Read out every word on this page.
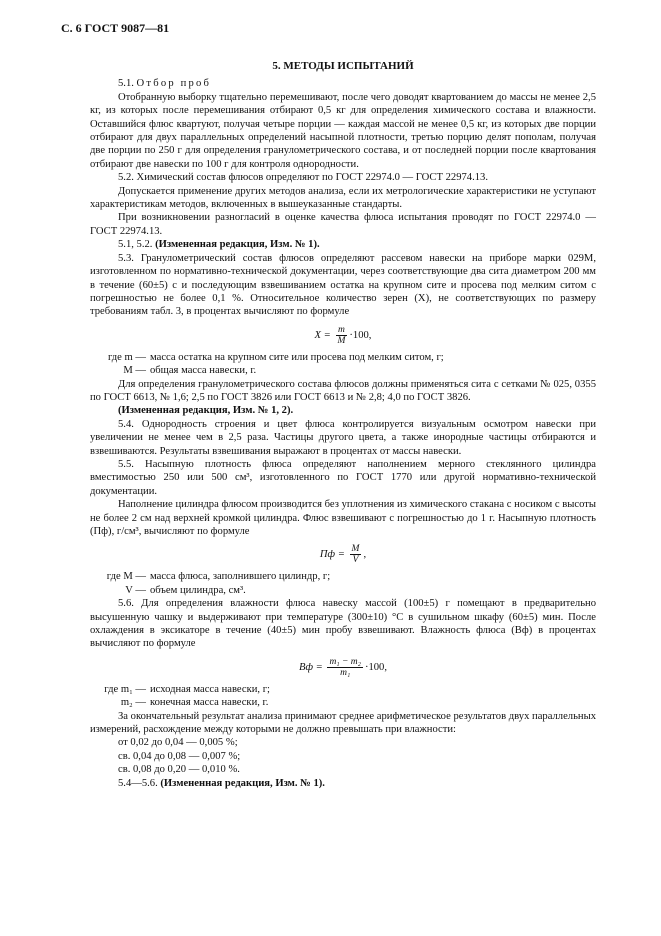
С. 6 ГОСТ 9087—81
5. МЕТОДЫ ИСПЫТАНИЙ

5.1. Отбор проб

Отобранную выборку тщательно перемешивают, после чего доводят квартованием до массы не менее 2,5 кг, из которых после перемешивания отбирают 0,5 кг для определения химического состава и влажности. Оставшийся флюс квартуют, получая четыре порции — каждая массой не менее 0,5 кг, из которых две порции отбирают для двух параллельных определений насыпной плотности, третью порцию делят пополам, получая две порции по 250 г для определения гранулометрического состава, и от последней порции после квартования отбирают две навески по 100 г для контроля однородности.

5.2. Химический состав флюсов определяют по ГОСТ 22974.0 — ГОСТ 22974.13.

Допускается применение других методов анализа, если их метрологические характеристики не уступают характеристикам методов, включенных в вышеуказанные стандарты.

При возникновении разногласий в оценке качества флюса испытания проводят по ГОСТ 22974.0 — ГОСТ 22974.13.

5.1, 5.2. (Измененная редакция, Изм. № 1).

5.3. Гранулометрический состав флюсов определяют рассевом навески на приборе марки 029М, изготовленном по нормативно-технической документации, через соответствующие два сита диаметром 200 мм в течение (60±5) с и последующим взвешиванием остатка на крупном сите и просева под мелким ситом с погрешностью не более 0,1 %. Относительное количество зерен (X), не соответствующих по размеру требованиям табл. 3, в процентах вычисляют по формуле

$X = \frac{m}{M} \cdot 100$,
где m — масса остатка на крупном сите или просева под мелким ситом, г;
M — общая масса навески, г.

Для определения гранулометрического состава флюсов должны применяться сита с сетками № 025, 0355 по ГОСТ 6613, № 1,6; 2,5 по ГОСТ 3826 или ГОСТ 6613 и № 2,8; 4,0 по ГОСТ 3826.

(Измененная редакция, Изм. № 1, 2).

5.4. Однородность строения и цвет флюса контролируется визуальным осмотром навески при увеличении не менее чем в 2,5 раза. Частицы другого цвета, а также инородные частицы отбираются и взвешиваются. Результаты взвешивания выражают в процентах от массы навески.

5.5. Насыпную плотность флюса определяют наполнением мерного стеклянного цилиндра вместимостью 250 или 500 см³, изготовленного по ГОСТ 1770 или другой нормативно-технической документации.

Наполнение цилиндра флюсом производится без уплотнения из химического стакана с носиком с высоты не более 2 см над верхней кромкой цилиндра. Флюс взвешивают с погрешностью до 1 г. Насыпную плотность (Пф), г/см³, вычисляют по формуле

Пф = $\frac{M}{V}$ ,
где M — масса флюса, заполнившего цилиндр, г;
V — объем цилиндра, см³.

5.6. Для определения влажности флюса навеску массой (100±5) г помещают в предварительно высушенную чашку и выдерживают при температуре (300±10) °С в сушильном шкафу (60±5) мин. После охлаждения в эксикаторе в течение (40±5) мин пробу взвешивают. Влажность флюса (Вф) в процентах вычисляют по формуле

Вф = $\frac{\text{m₁ − m₂}}{\text{m₁}} \cdot 100$,
где m₁ — исходная масса навески, г;
m₂ — конечная масса навески, г.

За окончательный результат анализа принимают среднее арифметическое результатов двух параллельных измерений, расхождение между которыми не должно превышать при влажности:

от 0,02 до 0,04 — 0,005 %;

св. 0,04 до 0,08 — 0,007 %;

св. 0,08 до 0,20 — 0,010 %.

5.4—5.6. (Измененная редакция, Изм. № 1).
